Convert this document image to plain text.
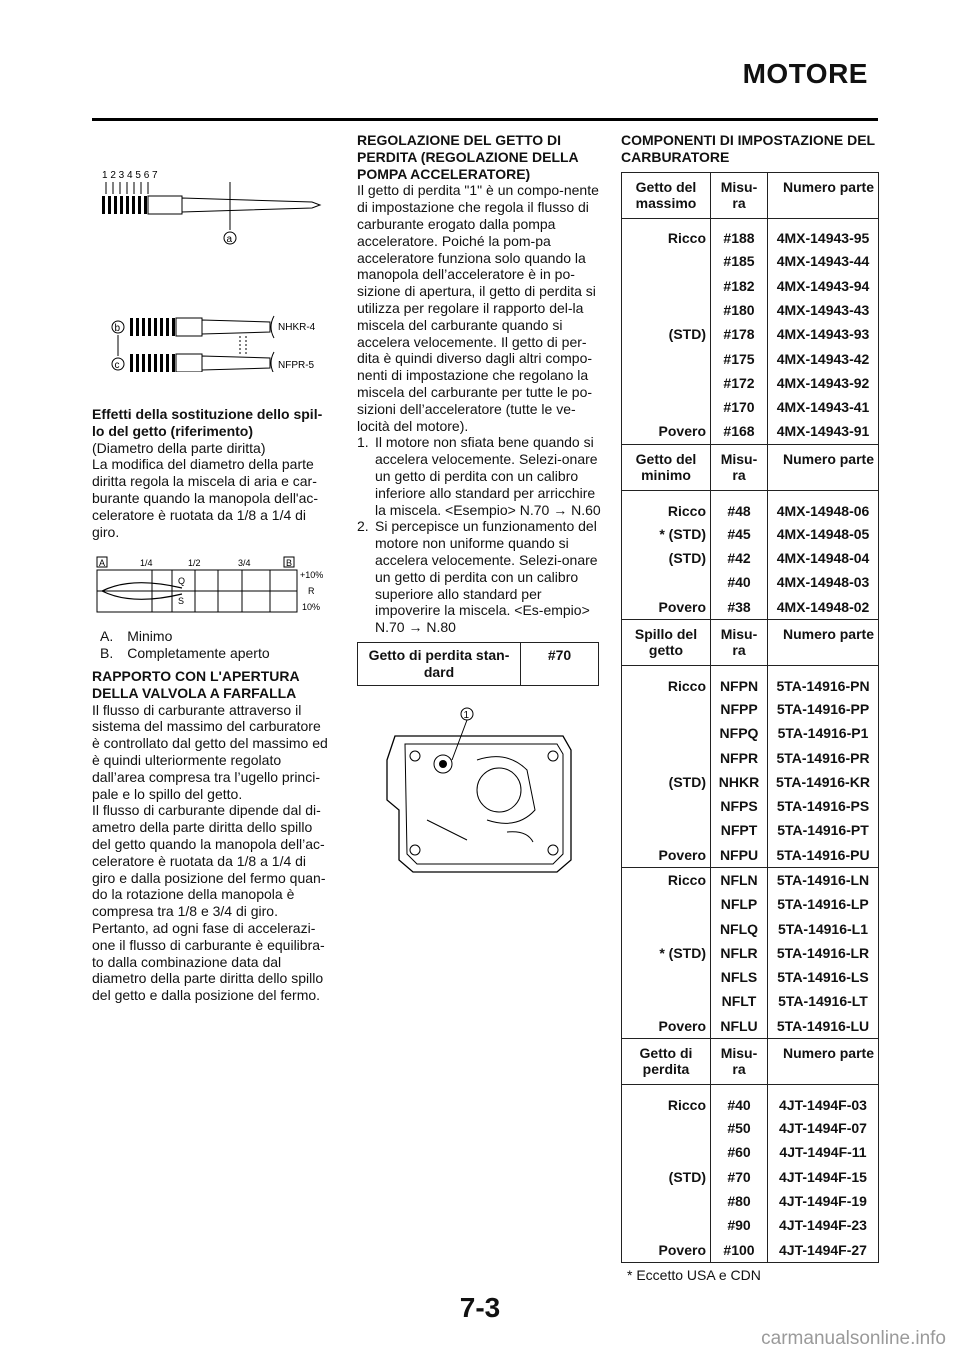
MOTORE
1 2 3 4 5 6 7
a
b
c
NHKR-4
NFPR-5

Effetti della sostituzione dello spil-lo del getto (riferimento)

(Diametro della parte diritta)

La modifica del diametro della parte diritta regola la miscela di aria e car-burante quando la manopola dell'ac-celeratore è ruotata da 1/8 a 1/4 di giro.

A	B
1/4	1/2	3/4
Q
S
+10%
R
10%
A. Minimo
B. Completamente aperto

RAPPORTO CON L'APERTURA DELLA VALVOLA A FARFALLA

Il flusso di carburante attraverso il sistema del massimo del carburatore è controllato dal getto del massimo ed è quindi ulteriormente regolato dall’area compresa tra l’ugello princi-pale e lo spillo del getto.

Il flusso di carburante dipende dal di-ametro della parte diritta dello spillo del getto quando la manopola dell’ac-celeratore è ruotata da 1/8 a 1/4 di giro e dalla posizione del fermo quan-do la rotazione della manopola è compresa tra 1/8 e 3/4 di giro.

Pertanto, ad ogni fase di accelerazi-one il flusso di carburante è equilibra-to dalla combinazione data dal diametro della parte diritta dello spillo del getto e dalla posizione del fermo.

REGOLAZIONE DEL GETTO DI PERDITA (REGOLAZIONE DELLA POMPA ACCELERATORE)

Il getto di perdita "1" è un compo-nente di impostazione che regola il flusso di carburante erogato dalla pompa acceleratore. Poiché la pom-pa acceleratore funziona solo quando la manopola dell’acceleratore è in po-sizione di apertura, il getto di perdita si utilizza per regolare il rapporto del-la miscela del carburante quando si accelera velocemente. Il getto di per-dita è quindi diverso dagli altri compo-nenti di impostazione che regolano la miscela del carburante per tutte le po-sizioni dell’acceleratore (tutte le ve-locità del motore).

1. Il motore non sfiata bene quando si accelera velocemente. Selezi-onare un getto di perdita con un calibro inferiore allo standard per arricchire la miscela. <Esempio> N.70 → N.60
2. Si percepisce un funzionamento del motore non uniforme quando si accelera velocemente. Selezi-onare un getto di perdita con un calibro superiore allo standard per impoverire la miscela. <Es-empio> N.70 → N.80
Getto di perdita stan-dard	#70
1

COMPONENTI DI IMPOSTAZIONE DEL CARBURATORE

Getto del massimo	Misu-ra	Numero parte
Ricco	#188	4MX-14943-95
	#185	4MX-14943-44
	#182	4MX-14943-94
	#180	4MX-14943-43
(STD)	#178	4MX-14943-93
	#175	4MX-14943-42
	#172	4MX-14943-92
	#170	4MX-14943-41
Povero	#168	4MX-14943-91
Getto del minimo	Misu-ra	Numero parte
Ricco	#48	4MX-14948-06
* (STD)	#45	4MX-14948-05
(STD)	#42	4MX-14948-04
	#40	4MX-14948-03
Povero	#38	4MX-14948-02
Spillo del getto	Misu-ra	Numero parte
Ricco	NFPN	5TA-14916-PN
	NFPP	5TA-14916-PP
	NFPQ	5TA-14916-P1
	NFPR	5TA-14916-PR
(STD)	NHKR	5TA-14916-KR
	NFPS	5TA-14916-PS
	NFPT	5TA-14916-PT
Povero	NFPU	5TA-14916-PU
Ricco	NFLN	5TA-14916-LN
	NFLP	5TA-14916-LP
	NFLQ	5TA-14916-L1
* (STD)	NFLR	5TA-14916-LR
	NFLS	5TA-14916-LS
	NFLT	5TA-14916-LT
Povero	NFLU	5TA-14916-LU
Getto di perdita	Misu-ra	Numero parte
Ricco	#40	4JT-1494F-03
	#50	4JT-1494F-07
	#60	4JT-1494F-11
(STD)	#70	4JT-1494F-15
	#80	4JT-1494F-19
	#90	4JT-1494F-23
Povero	#100	4JT-1494F-27
* Eccetto USA e CDN
7-3
carmanualsonline.info
